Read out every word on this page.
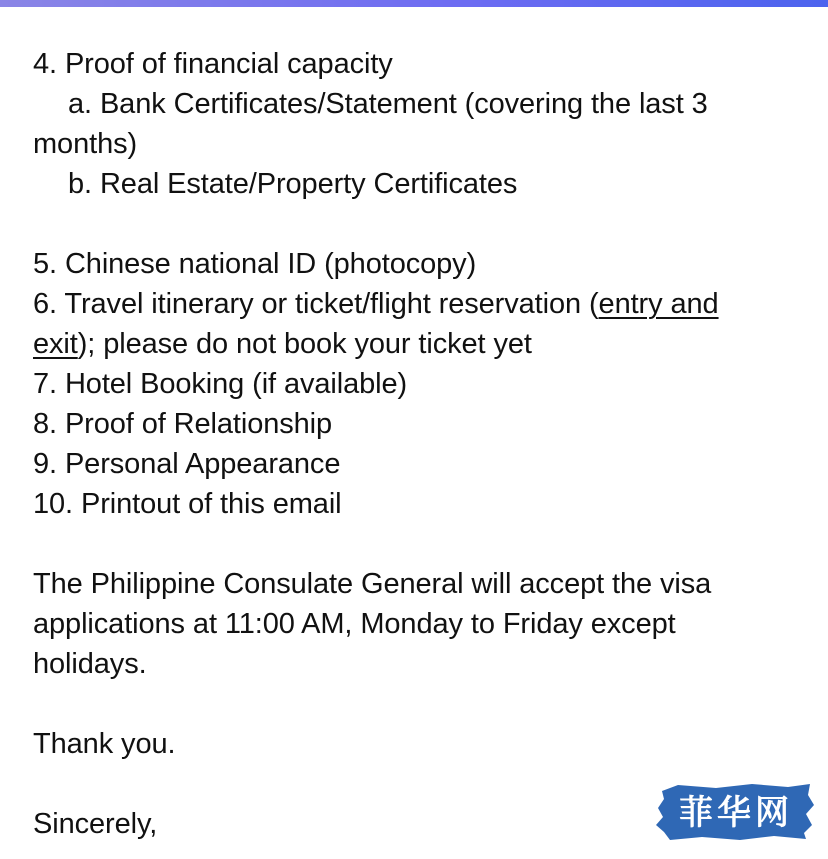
4. Proof of financial capacity
a. Bank Certificates/Statement (covering the last 3
months)
b. Real Estate/Property Certificates
5. Chinese national ID (photocopy)
6. Travel itinerary or ticket/flight reservation (entry and
exit); please do not book your ticket yet
7. Hotel Booking (if available)
8. Proof of Relationship
9. Personal Appearance
10. Printout of this email
The Philippine Consulate General will accept the visa
applications at 11:00 AM, Monday to Friday except
holidays.
Thank you.
Sincerely,	菲华网
